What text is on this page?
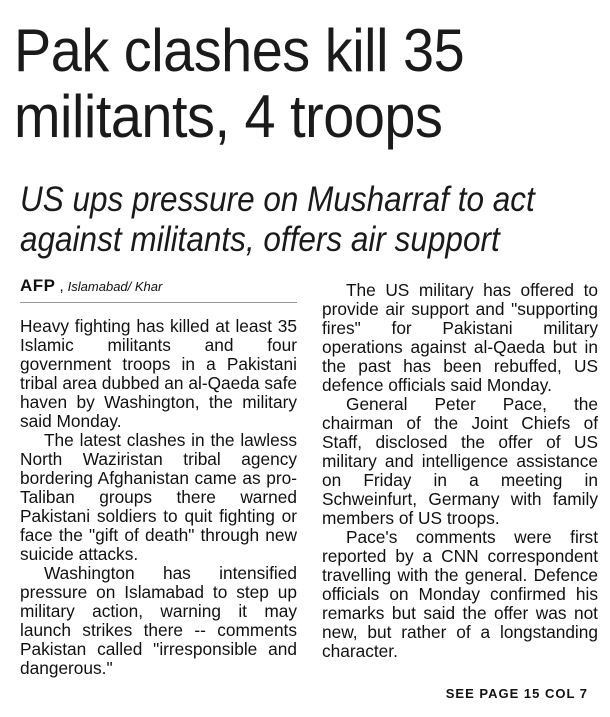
Pak clashes kill 35 militants, 4 troops
US ups pressure on Musharraf to act against militants, offers air support
AFP , Islamabad/ Khar

Heavy fighting has killed at least 35 Islamic militants and four government troops in a Pakistani tribal area dubbed an al-Qaeda safe haven by Washington, the military said Monday.

The latest clashes in the lawless North Waziristan tribal agency bordering Afghanistan came as pro-Taliban groups there warned Pakistani soldiers to quit fighting or face the "gift of death" through new suicide attacks.

Washington has intensified pressure on Islamabad to step up military action, warning it may launch strikes there -- comments Pakistan called "irresponsible and dangerous."

The US military has offered to provide air support and "supporting fires" for Pakistani military operations against al-Qaeda but in the past has been rebuffed, US defence officials said Monday.

General Peter Pace, the chairman of the Joint Chiefs of Staff, disclosed the offer of US military and intelligence assistance on Friday in a meeting in Schweinfurt, Germany with family members of US troops.

Pace's comments were first reported by a CNN correspondent travelling with the general. Defence officials on Monday confirmed his remarks but said the offer was not new, but rather of a longstanding character.

SEE PAGE 15 COL 7
